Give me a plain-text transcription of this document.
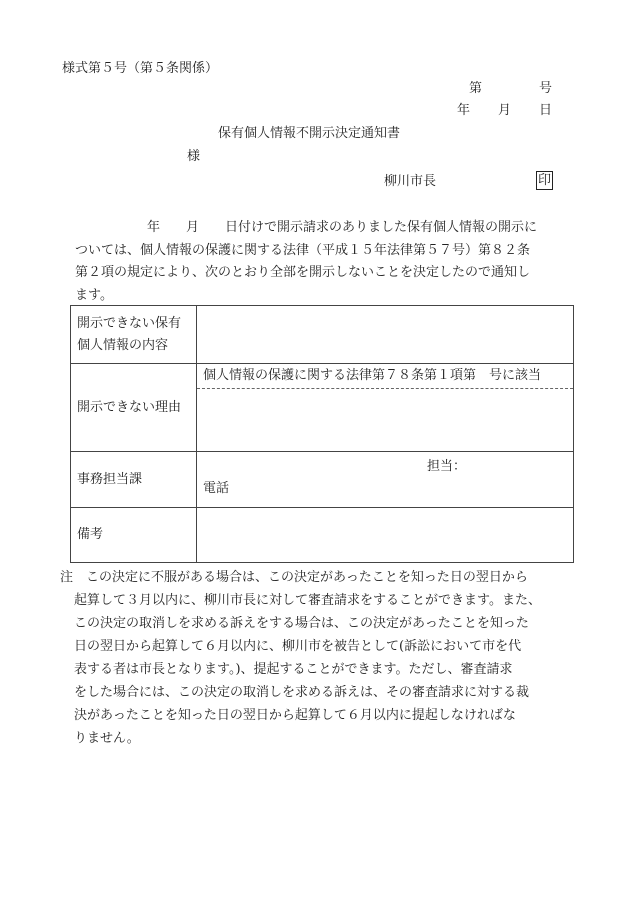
様式第５号（第５条関係）
第	号
年 月 日
保有個人情報不開示決定通知書
様
柳川市長	印
年　　月　　日付けで開示請求のありました保有個人情報の開示に
ついては、個人情報の保護に関する法律（平成１５年法律第５７号）第８２条
第２項の規定により、次のとおり全部を開示しないことを決定したので通知し
ます。
開示できない保有
個人情報の内容	

開示できない理由	個人情報の保護に関する法律第７８条第１項第　号に該当

事務担当課	担当：
電話

備考	
注　この決定に不服がある場合は、この決定があったことを知った日の翌日から
起算して３月以内に、柳川市長に対して審査請求をすることができます。また、
この決定の取消しを求める訴えをする場合は、この決定があったことを知った
日の翌日から起算して６月以内に、柳川市を被告として(訴訟において市を代
表する者は市長となります。)、提起することができます。ただし、審査請求
をした場合には、この決定の取消しを求める訴えは、その審査請求に対する裁
決があったことを知った日の翌日から起算して６月以内に提起しなければな
りません。
